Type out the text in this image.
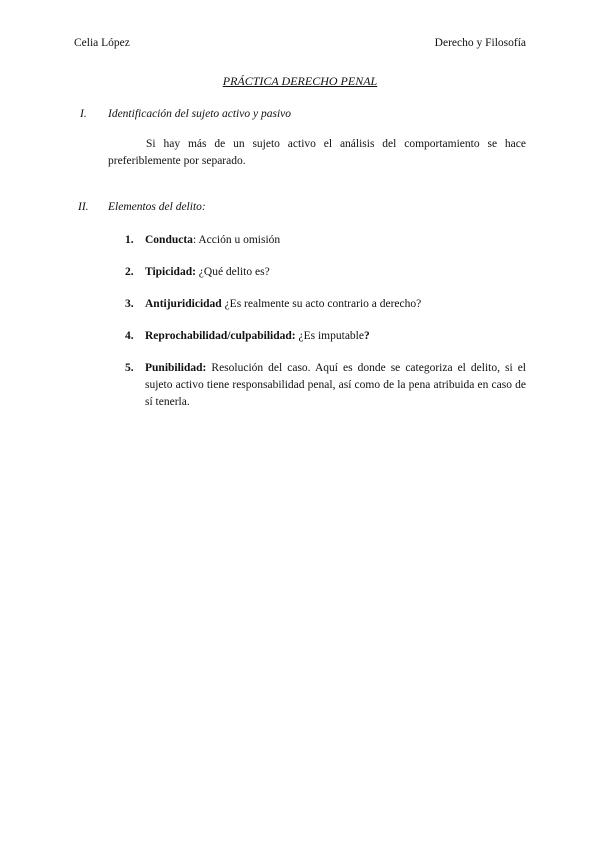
Celia López	Derecho y Filosofía
PRÁCTICA DERECHO PENAL
I. Identificación del sujeto activo y pasivo
Si hay más de un sujeto activo el análisis del comportamiento se hace preferiblemente por separado.
II. Elementos del delito:
1. Conducta: Acción u omisión
2. Tipicidad: ¿Qué delito es?
3. Antijuridicidad ¿Es realmente su acto contrario a derecho?
4. Reprochabilidad/culpabilidad: ¿Es imputable?
5. Punibilidad: Resolución del caso. Aquí es donde se categoriza el delito, si el sujeto activo tiene responsabilidad penal, así como de la pena atribuida en caso de sí tenerla.
